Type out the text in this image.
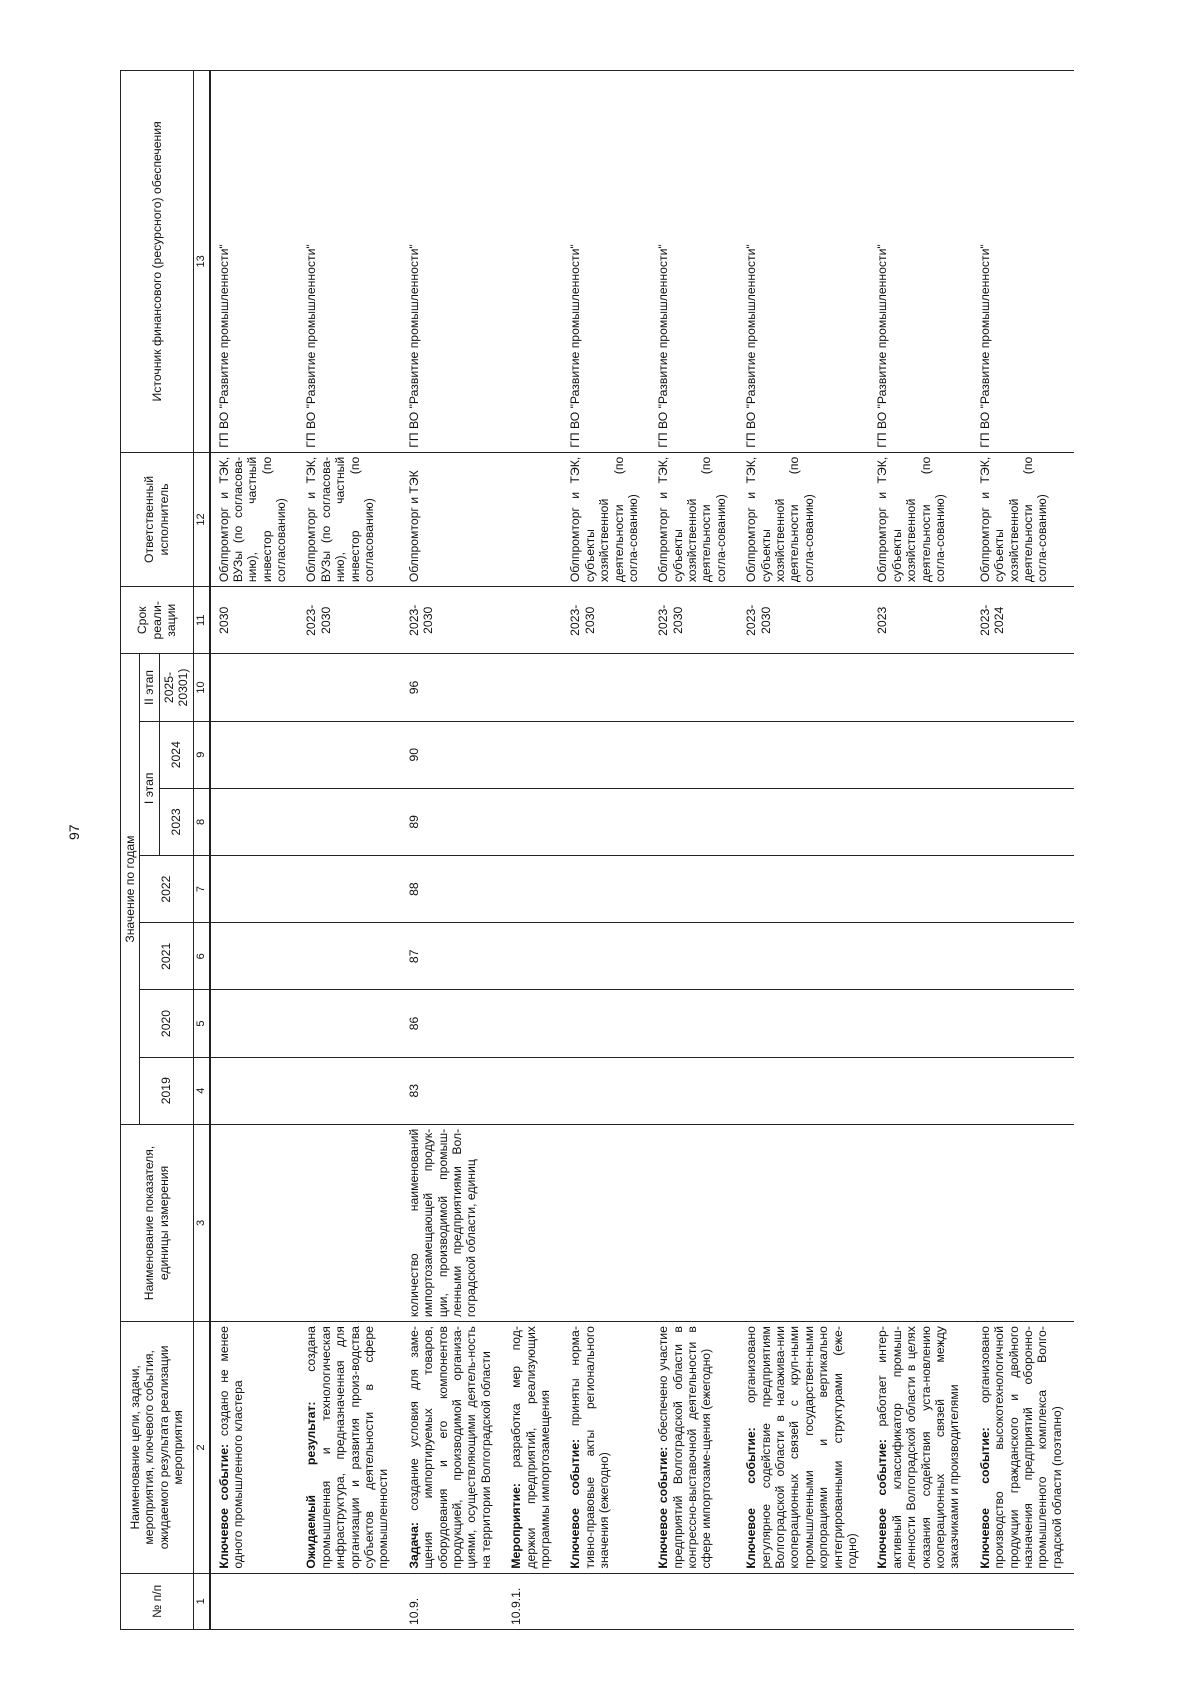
97
№ п/п	Наименование цели, задачи, мероприятия, ключевого события, ожидаемого результата реализации мероприятия	Наименование показателя, единицы измерения	Значение по годам							Срок реали-зации	Ответственный исполнитель	Источник финансового (ресурсного) обеспечения
			2019	2020	2021	2022	I этап		II этап			
							2023	2024	2025-20301)			
1	2	3	4	5	6	7	8	9	10	11	12	13
	Ключевое событие: создано не менее одного промышленного кластера									2030	Облпромторг и ТЭК, ВУЗы (по согласова-нию), частный инвестор (по согласованию)	ГП ВО "Развитие промышленности"
	Ожидаемый результат: создана промышленная и технологическая инфраструктура, предназначенная для организации и развития произ-водства субъектов деятельности в сфере промышленности									2023-2030	Облпромторг и ТЭК, ВУЗы (по согласова-нию), частный инвестор (по согласованию)	ГП ВО "Развитие промышленности"
10.9.	Задача: создание условия для заме-щения импортируемых товаров, оборудования и его компонентов продукцией, производимой организа-циями, осуществляющими деятель-ность на территории Волгоградской области	количество наименований импортозамещающей продук-ции, производимой промыш-ленными предприятиями Вол-гоградской области, единиц	83	86	87	88	89	90	96	2023-2030	Облпромторг и ТЭК	ГП ВО "Развитие промышленности"
10.9.1.	Мероприятие: разработка мер под-держки предприятий, реализующих программы импортозамещения											
	Ключевое событие: приняты норма-тивно-правовые акты регионального значения (ежегодно)									2023-2030	Облпромторг и ТЭК, субъекты хозяйственной деятельности (по согла-сованию)	ГП ВО "Развитие промышленности"
	Ключевое событие: обеспечено участие предприятий Волгоградской области в конгрессно-выставочной деятельности в сфере импортозаме-щения (ежегодно)									2023-2030	Облпромторг и ТЭК, субъекты хозяйственной деятельности (по согла-сованию)	ГП ВО "Развитие промышленности"
	Ключевое событие: организовано регулярное содействие предприятиям Волгоградской области в налажива-нии кооперационных связей с круп-ными промышленными государствен-ными корпорациями и вертикально интегрированными структурами (еже-годно)									2023-2030	Облпромторг и ТЭК, субъекты хозяйственной деятельности (по согла-сованию)	ГП ВО "Развитие промышленности"
	Ключевое событие: работает интер-активный классификатор промыш-ленности Волгоградской области в целях оказания содействия уста-новлению кооперационных связей между заказчиками и производителями									2023	Облпромторг и ТЭК, субъекты хозяйственной деятельности (по согла-сованию)	ГП ВО "Развитие промышленности"
	Ключевое событие: организовано производство высокотехнологичной продукции гражданского и двойного назначения предприятий оборонно-промышленного комплекса Волго-градской области (поэтапно)									2023-2024	Облпромторг и ТЭК, субъекты хозяйственной деятельности (по согла-сованию)	ГП ВО "Развитие промышленности"
